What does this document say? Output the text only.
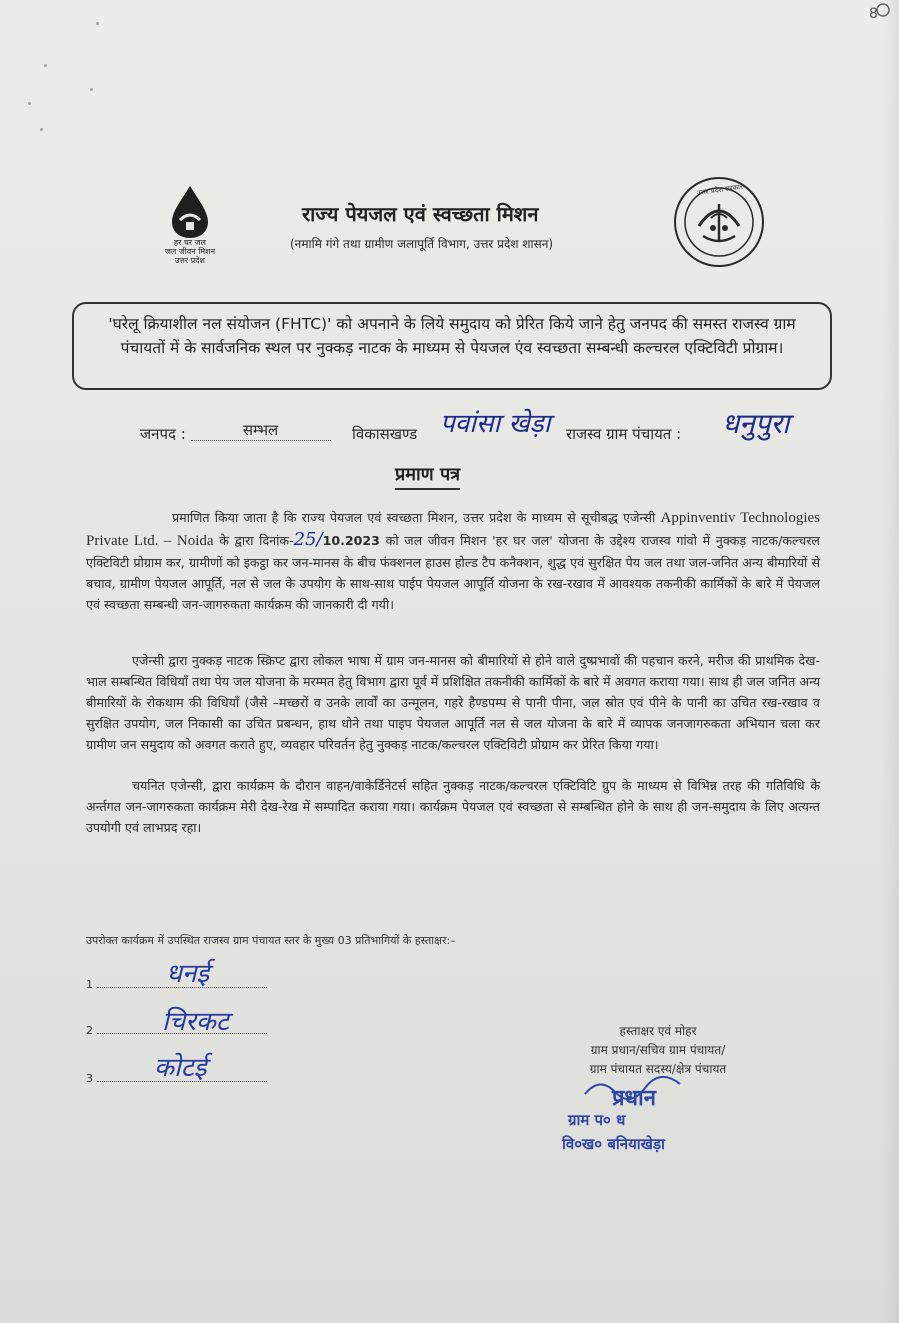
8
हर घर जल
जल जीवन मिशन
उत्तर प्रदेश
राज्य पेयजल एवं स्वच्छता मिशन
(नमामि गंगे तथा ग्रामीण जलापूर्ति विभाग, उत्तर प्रदेश शासन)
उत्तर प्रदेश सरकार
'घरेलू क्रियाशील नल संयोजन (FHTC)' को अपनाने के लिये समुदाय को प्रेरित किये जाने हेतु जनपद की समस्त राजस्व ग्राम पंचायतों में के सार्वजनिक स्थल पर नुक्कड़ नाटक के माध्यम से पेयजल एंव स्वच्छता सम्बन्धी कल्चरल एक्टिविटी प्रोग्राम।
जनपद :	सम्भल	विकासखण्ड पवांसा खेड़ा राजस्व ग्राम पंचायत : धनुपुरा
प्रमाण पत्र
प्रमाणित किया जाता है कि राज्य पेयजल एवं स्वच्छता मिशन, उत्तर प्रदेश के माध्यम से सूचीबद्ध एजेन्सी Appinventiv Technologies Private Ltd. – Noida के द्वारा दिनांक-25/10.2023 को जल जीवन मिशन 'हर घर जल' योजना के उद्देश्य राजस्व गांवो में नुक्कड़ नाटक/कल्चरल एक्टिविटी प्रोग्राम कर, ग्रामीणों को इकट्ठा कर जन-मानस के बीच फंक्शनल हाउस होल्ड टैप कनैक्शन, शुद्ध एवं सुरक्षित पेय जल तथा जल-जनित अन्य बीमारियों से बचाव, ग्रामीण पेयजल आपूर्ति, नल से जल के उपयोग के साथ-साथ पाईप पेयजल आपूर्ति योजना के रख-रखाव में आवश्यक तकनीकी कार्मिकों के बारे में पेयजल एवं स्वच्छता सम्बन्धी जन-जागरुकता कार्यक्रम की जानकारी दी गयी।
एजेन्सी द्वारा नुक्कड़ नाटक स्क्रिप्ट द्वारा लोकल भाषा में ग्राम जन-मानस को बीमारियों से होने वाले दुष्प्रभावों की पहचान करने, मरीज की प्राथमिक देख-भाल सम्बन्धित विधियाँ तथा पेय जल योजना के मरम्मत हेतु विभाग द्वारा पूर्व में प्रशिक्षित तकनीकी कार्मिकों के बारे में अवगत कराया गया। साथ ही जल जनित अन्य बीमारियों के रोकथाम की विधियाँ (जैसे –मच्छरों व उनके लार्वों का उन्मूलन, गहरे हैण्डपम्प से पानी पीना, जल स्रोत एवं पीने के पानी का उचित रख-रखाव व सुरक्षित उपयोग, जल निकासी का उचित प्रबन्धन, हाथ धोने तथा पाइप पेयजल आपूर्ति नल से जल योजना के बारे में व्यापक जनजागरुकता अभियान चला कर ग्रामीण जन समुदाय को अवगत कराते हुए, व्यवहार परिवर्तन हेतु नुक्कड़ नाटक/कल्चरल एक्टिविटी प्रोग्राम कर प्रेरित किया गया।
चयनित एजेन्सी, द्वारा कार्यक्रम के दौरान वाहन/वाकेर्डिनेटर्स सहित नुक्कड़ नाटक/कल्चरल एक्टिविटि ग्रुप के माध्यम से विभिन्न तरह की गतिविधि के अर्न्तगत जन-जागरुकता कार्यक्रम मेरी देख-रेख में सम्पादित कराया गया। कार्यक्रम पेयजल एवं स्वच्छता से सम्बन्धित होने के साथ ही जन-समुदाय के लिए अत्यन्त उपयोगी एवं लाभप्रद रहा।
उपरोक्त कार्यक्रम में उपस्थित राजस्व ग्राम पंचायत स्तर के मुख्य 03 प्रतिभागियों के हस्ताक्षर:–
1	धनई
2	चिरकट
3	कोटई
हस्ताक्षर एवं मोहर
ग्राम प्रधान/सचिव ग्राम पंचायत/
ग्राम पंचायत सदस्य/क्षेत्र पंचायत
प्रधान
ग्राम प० ध
वि०ख० बनियाखेड़ा
